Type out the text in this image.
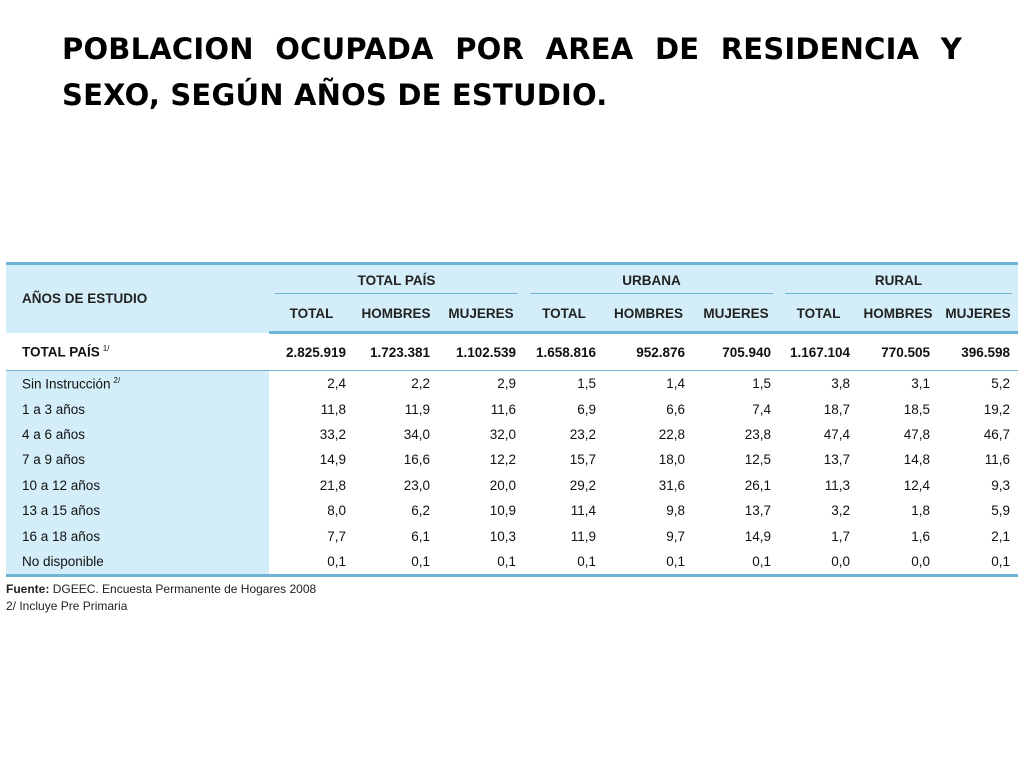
POBLACION OCUPADA POR AREA DE RESIDENCIA Y SEXO, SEGÚN AÑOS DE ESTUDIO.
AÑOS DE ESTUDIO	TOTAL PAÍS			URBANA			RURAL		

	TOTAL	HOMBRES	MUJERES	TOTAL	HOMBRES	MUJERES	TOTAL	HOMBRES	MUJERES
TOTAL PAÍS $^{1/}$	2.825.919	1.723.381	1.102.539	1.658.816	952.876	705.940	1.167.104	770.505	396.598
Sin Instrucción $^{2/}$	2,4	2,2	2,9	1,5	1,4	1,5	3,8	3,1	5,2
1 a 3 años	11,8	11,9	11,6	6,9	6,6	7,4	18,7	18,5	19,2
4 a 6 años	33,2	34,0	32,0	23,2	22,8	23,8	47,4	47,8	46,7
7 a 9 años	14,9	16,6	12,2	15,7	18,0	12,5	13,7	14,8	11,6
10 a 12 años	21,8	23,0	20,0	29,2	31,6	26,1	11,3	12,4	9,3
13 a 15 años	8,0	6,2	10,9	11,4	9,8	13,7	3,2	1,8	5,9
16 a 18 años	7,7	6,1	10,3	11,9	9,7	14,9	1,7	1,6	2,1
No disponible	0,1	0,1	0,1	0,1	0,1	0,1	0,0	0,0	0,1
Fuente: DGEEC. Encuesta Permanente de Hogares 2008
2/ Incluye Pre Primaria
